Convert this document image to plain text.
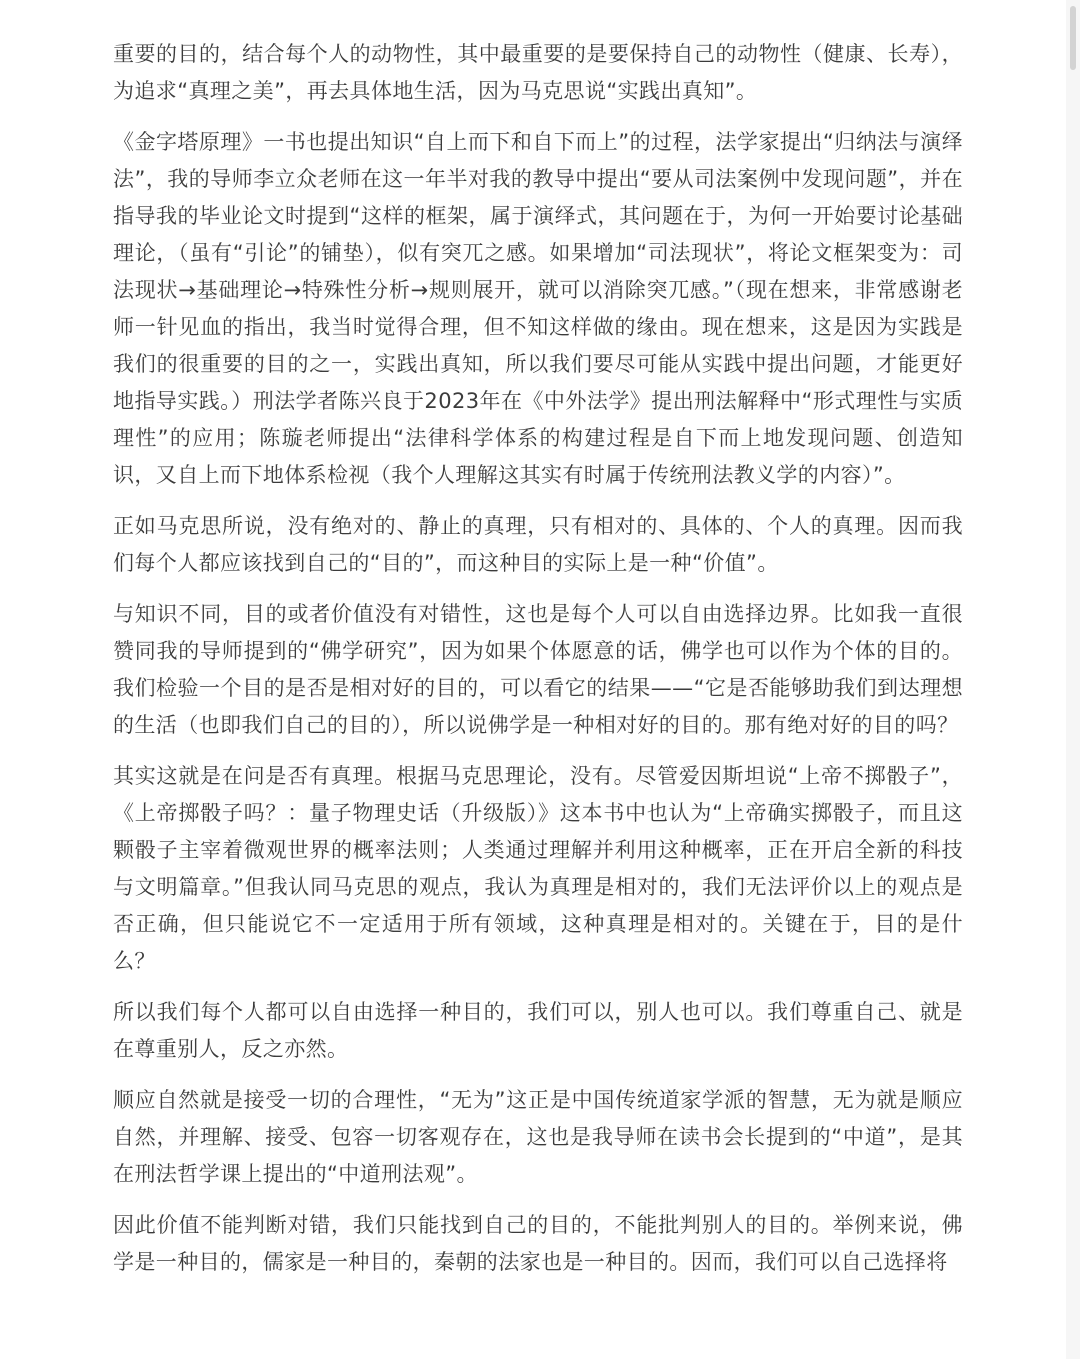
重要的目的，结合每个人的动物性，其中最重要的是要保持自己的动物性（健康、长寿），为追求“真理之美”，再去具体地生活，因为马克思说“实践出真知”。

《金字塔原理》一书也提出知识“自上而下和自下而上”的过程，法学家提出“归纳法与演绎法”，我的导师李立众老师在这一年半对我的教导中提出“要从司法案例中发现问题”，并在指导我的毕业论文时提到“这样的框架，属于演绎式，其问题在于，为何一开始要讨论基础理论，（虽有“引论”的铺垫），似有突兀之感。如果增加“司法现状”，将论文框架变为：司法现状→基础理论→特殊性分析→规则展开，就可以消除突兀感。”（现在想来，非常感谢老师一针见血的指出，我当时觉得合理，但不知这样做的缘由。现在想来，这是因为实践是我们的很重要的目的之一，实践出真知，所以我们要尽可能从实践中提出问题，才能更好地指导实践。）刑法学者陈兴良于2023年在《中外法学》提出刑法解释中“形式理性与实质理性”的应用；陈璇老师提出“法律科学体系的构建过程是自下而上地发现问题、创造知识，又自上而下地体系检视（我个人理解这其实有时属于传统刑法教义学的内容）”。

正如马克思所说，没有绝对的、静止的真理，只有相对的、具体的、个人的真理。因而我们每个人都应该找到自己的“目的”，而这种目的实际上是一种“价值”。

与知识不同，目的或者价值没有对错性，这也是每个人可以自由选择边界。比如我一直很赞同我的导师提到的“佛学研究”，因为如果个体愿意的话，佛学也可以作为个体的目的。我们检验一个目的是否是相对好的目的，可以看它的结果——“它是否能够助我们到达理想的生活（也即我们自己的目的），所以说佛学是一种相对好的目的。那有绝对好的目的吗？

其实这就是在问是否有真理。根据马克思理论，没有。尽管爱因斯坦说“上帝不掷骰子”，《上帝掷骰子吗？：量子物理史话（升级版）》这本书中也认为“上帝确实掷骰子，而且这颗骰子主宰着微观世界的概率法则；人类通过理解并利用这种概率，正在开启全新的科技与文明篇章。”但我认同马克思的观点，我认为真理是相对的，我们无法评价以上的观点是否正确，但只能说它不一定适用于所有领域，这种真理是相对的。关键在于，目的是什么？

所以我们每个人都可以自由选择一种目的，我们可以，别人也可以。我们尊重自己、就是在尊重别人，反之亦然。

顺应自然就是接受一切的合理性，“无为”这正是中国传统道家学派的智慧，无为就是顺应自然，并理解、接受、包容一切客观存在，这也是我导师在读书会长提到的“中道”，是其在刑法哲学课上提出的“中道刑法观”。

因此价值不能判断对错，我们只能找到自己的目的，不能批判别人的目的。举例来说，佛学是一种目的，儒家是一种目的，秦朝的法家也是一种目的。因而，我们可以自己选择将
